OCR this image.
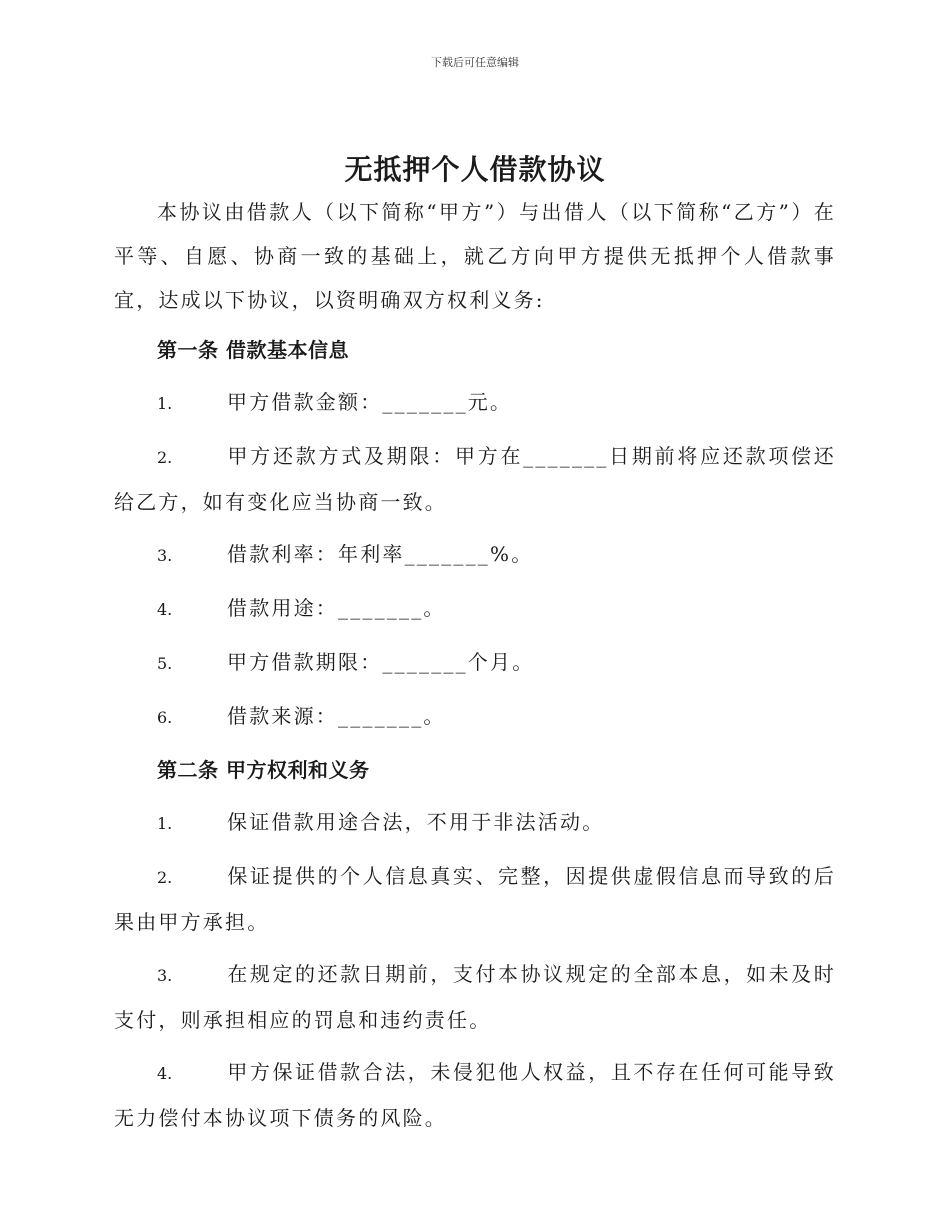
下载后可任意编辑
无抵押个人借款协议

本协议由借款人（以下简称“甲方”）与出借人（以下简称“乙方”）在平等、自愿、协商一致的基础上，就乙方向甲方提供无抵押个人借款事宜，达成以下协议，以资明确双方权利义务:

第一条 借款基本信息

1.	甲方借款金额：_______元。

2.	甲方还款方式及期限：甲方在_______日期前将应还款项偿还给乙方，如有变化应当协商一致。

3.	借款利率：年利率_______%。

4.	借款用途：_______。

5.	甲方借款期限：_______个月。

6.	借款来源：_______。

第二条 甲方权利和义务

1.	保证借款用途合法，不用于非法活动。

2.	保证提供的个人信息真实、完整，因提供虚假信息而导致的后果由甲方承担。

3.	在规定的还款日期前，支付本协议规定的全部本息，如未及时支付，则承担相应的罚息和违约责任。

4.	甲方保证借款合法，未侵犯他人权益，且不存在任何可能导致无力偿付本协议项下债务的风险。
